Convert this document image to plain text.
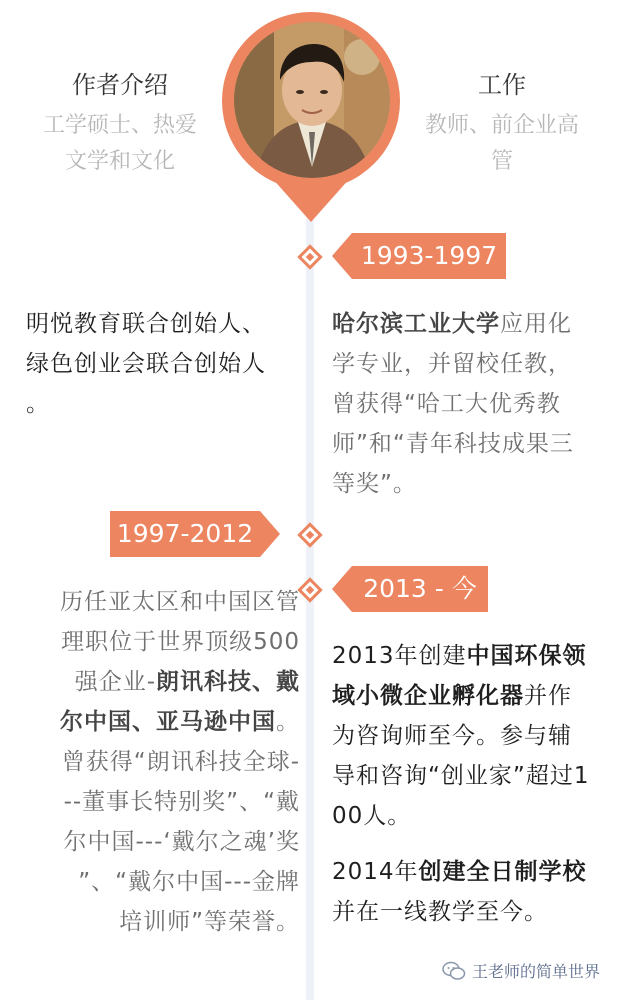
作者介绍
工学硕士、热爱
文学和文化
工作
教师、前企业高
管
1993-1997
明悦教育联合创始人、
绿色创业会联合创始人
。
哈尔滨工业大学应用化
学专业，并留校任教，
曾获得“哈工大优秀教
师”和“青年科技成果三
等奖”。
1997-2012
2013 - 今
历任亚太区和中国区管
理职位于世界顶级500
强企业-朗讯科技、戴
尔中国、亚马逊中国。
曾获得“朗讯科技全球-
--董事长特别奖”、“戴
尔中国---‘戴尔之魂’奖
”、“戴尔中国---金牌
培训师”等荣誉。
2013年创建中国环保领
域小微企业孵化器并作
为咨询师至今。参与辅
导和咨询“创业家”超过1
00人。
2014年创建全日制学校
并在一线教学至今。
王老师的简单世界
